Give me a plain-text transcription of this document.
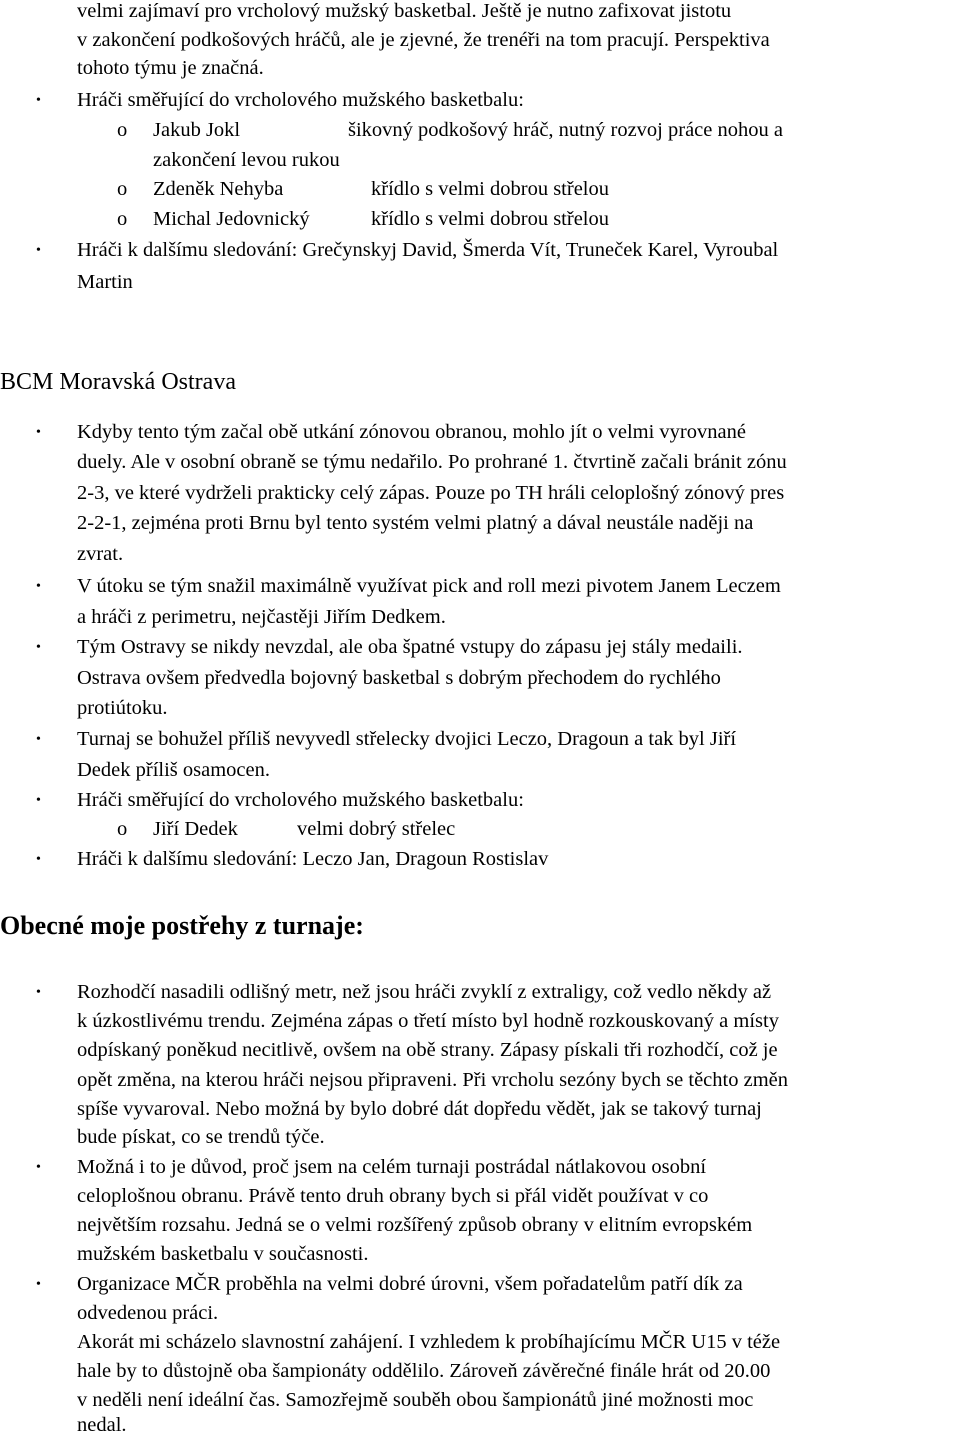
velmi zajímaví pro vrcholový mužský basketbal. Ještě je nutno zafixovat jistotu
v zakončení podkošových hráčů, ale je zjevné, že trenéři na tom pracují. Perspektiva
tohoto týmu je značná.
• Hráči směřující do vrcholového mužského basketbalu:
o Jakub Jokl	šikovný podkošový hráč, nutný rozvoj práce nohou a
zakončení levou rukou
o Zdeněk Nehyba	křídlo s velmi dobrou střelou
o Michal Jedovnický	křídlo s velmi dobrou střelou
• Hráči k dalšímu sledování: Grečynskyj David, Šmerda Vít, Truneček Karel, Vyroubal
Martin
BCM Moravská Ostrava
• Kdyby tento tým začal obě utkání zónovou obranou, mohlo jít o velmi vyrovnané
duely. Ale v osobní obraně se týmu nedařilo. Po prohrané 1. čtvrtině začali bránit zónu
2-3, ve které vydrželi prakticky celý zápas. Pouze po TH hráli celoplošný zónový pres
2-2-1, zejména proti Brnu byl tento systém velmi platný a dával neustále naději na
zvrat.
• V útoku se tým snažil maximálně využívat pick and roll mezi pivotem Janem Leczem
a hráči z perimetru, nejčastěji Jiřím Dedkem.
• Tým Ostravy se nikdy nevzdal, ale oba špatné vstupy do zápasu jej stály medaili.
Ostrava ovšem předvedla bojovný basketbal s dobrým přechodem do rychlého
protiútoku.
• Turnaj se bohužel příliš nevyvedl střelecky dvojici Leczo, Dragoun a tak byl Jiří
Dedek příliš osamocen.
• Hráči směřující do vrcholového mužského basketbalu:
o Jiří Dedek	velmi dobrý střelec
• Hráči k dalšímu sledování: Leczo Jan, Dragoun Rostislav
Obecné moje postřehy z turnaje:
• Rozhodčí nasadili odlišný metr, než jsou hráči zvyklí z extraligy, což vedlo někdy až
k úzkostlivému trendu. Zejména zápas o třetí místo byl hodně rozkouskovaný a místy
odpískaný poněkud necitlivě, ovšem na obě strany. Zápasy pískali tři rozhodčí, což je
opět změna, na kterou hráči nejsou připraveni. Při vrcholu sezóny bych se těchto změn
spíše vyvaroval. Nebo možná by bylo dobré dát dopředu vědět, jak se takový turnaj
bude pískat, co se trendů týče.
• Možná i to je důvod, proč jsem na celém turnaji postrádal nátlakovou osobní
celoplošnou obranu. Právě tento druh obrany bych si přál vidět používat v co
největším rozsahu. Jedná se o velmi rozšířený způsob obrany v elitním evropském
mužském basketbalu v současnosti.
• Organizace MČR proběhla na velmi dobré úrovni, všem pořadatelům patří dík za
odvedenou práci.
Akorát mi scházelo slavnostní zahájení. I vzhledem k probíhajícímu MČR U15 v téže
hale by to důstojně oba šampionáty oddělilo. Zároveň závěrečné finále hrát od 20.00
v neděli není ideální čas. Samozřejmě souběh obou šampionátů jiné možnosti moc
nedal.
